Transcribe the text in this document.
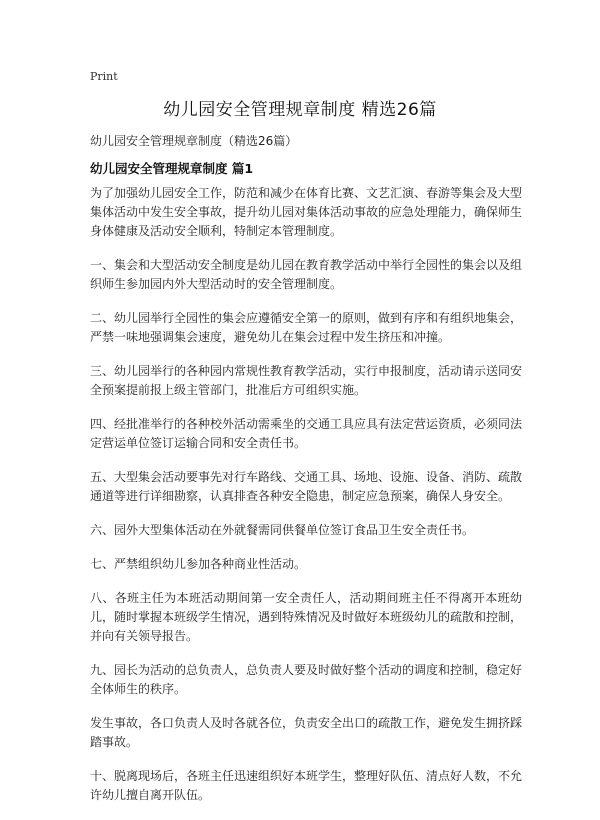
Print
幼儿园安全管理规章制度 精选26篇

幼儿园安全管理规章制度（精选26篇）

幼儿园安全管理规章制度 篇1

为了加强幼儿园安全工作，防范和减少在体育比赛、文艺汇演、春游等集会及大型集体活动中发生安全事故，提升幼儿园对集体活动事故的应急处理能力，确保师生身体健康及活动安全顺利，特制定本管理制度。

一、集会和大型活动安全制度是幼儿园在教育教学活动中举行全园性的集会以及组织师生参加园内外大型活动时的安全管理制度。

二、幼儿园举行全园性的集会应遵循安全第一的原则，做到有序和有组织地集会，严禁一味地强调集会速度，避免幼儿在集会过程中发生挤压和冲撞。

三、幼儿园举行的各种园内常规性教育教学活动，实行申报制度，活动请示送同安全预案提前报上级主管部门，批准后方可组织实施。

四、经批准举行的各种校外活动需乘坐的交通工具应具有法定营运资质，必须同法定营运单位签订运输合同和安全责任书。

五、大型集会活动要事先对行车路线、交通工具、场地、设施、设备、消防、疏散通道等进行详细勘察，认真排查各种安全隐患，制定应急预案，确保人身安全。

六、园外大型集体活动在外就餐需同供餐单位签订食品卫生安全责任书。

七、严禁组织幼儿参加各种商业性活动。

八、各班主任为本班活动期间第一安全责任人，活动期间班主任不得离开本班幼儿，随时掌握本班级学生情况，遇到特殊情况及时做好本班级幼儿的疏散和控制，并向有关领导报告。

九、园长为活动的总负责人，总负责人要及时做好整个活动的调度和控制，稳定好全体师生的秩序。

发生事故，各口负责人及时各就各位，负责安全出口的疏散工作，避免发生拥挤踩踏事故。

十、脱离现场后，各班主任迅速组织好本班学生，整理好队伍、清点好人数，不允许幼儿擅自离开队伍。
